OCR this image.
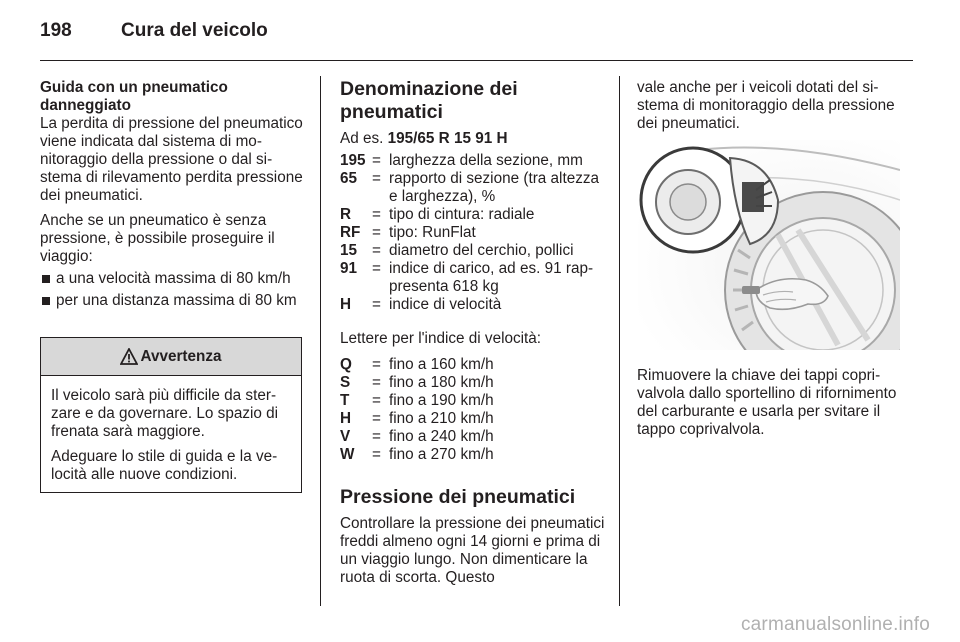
198	Cura del veicolo
Guida con un pneumatico danneggiato

La perdita di pressione del pneumatico viene indicata dal sistema di monitoraggio della pressione o dal sistema di rilevamento perdita pressione dei pneumatici.

Anche se un pneumatico è senza pressione, è possibile proseguire il viaggio:

a una velocità massima di 80 km/h
per una distanza massima di 80 km
Avvertenza

Il veicolo sarà più difficile da sterzare e da governare. Lo spazio di frenata sarà maggiore.

Adeguare lo stile di guida e la velocità alle nuove condizioni.

Denominazione dei pneumatici
Ad es. 195/65 R 15 91 H
195 = larghezza della sezione, mm
65 = rapporto di sezione (tra altezza e larghezza), %
R	= tipo di cintura: radiale
RF = tipo: RunFlat
15 = diametro del cerchio, pollici
91 = indice di carico, ad es. 91 rappresenta 618 kg
H	= indice di velocità
Lettere per l'indice di velocità:
Q	= fino a 160 km/h
S	= fino a 180 km/h
T	= fino a 190 km/h
H	= fino a 210 km/h
V	= fino a 240 km/h
W	= fino a 270 km/h
Pressione dei pneumatici
Controllare la pressione dei pneumatici freddi almeno ogni 14 giorni e prima di un viaggio lungo. Non dimenticare la ruota di scorta. Questo
vale anche per i veicoli dotati del sistema di monitoraggio della pressione dei pneumatici.
Rimuovere la chiave dei tappi coprivalvola dallo sportellino di rifornimento del carburante e usarla per svitare il tappo coprivalvola.
carmanualsonline.info
